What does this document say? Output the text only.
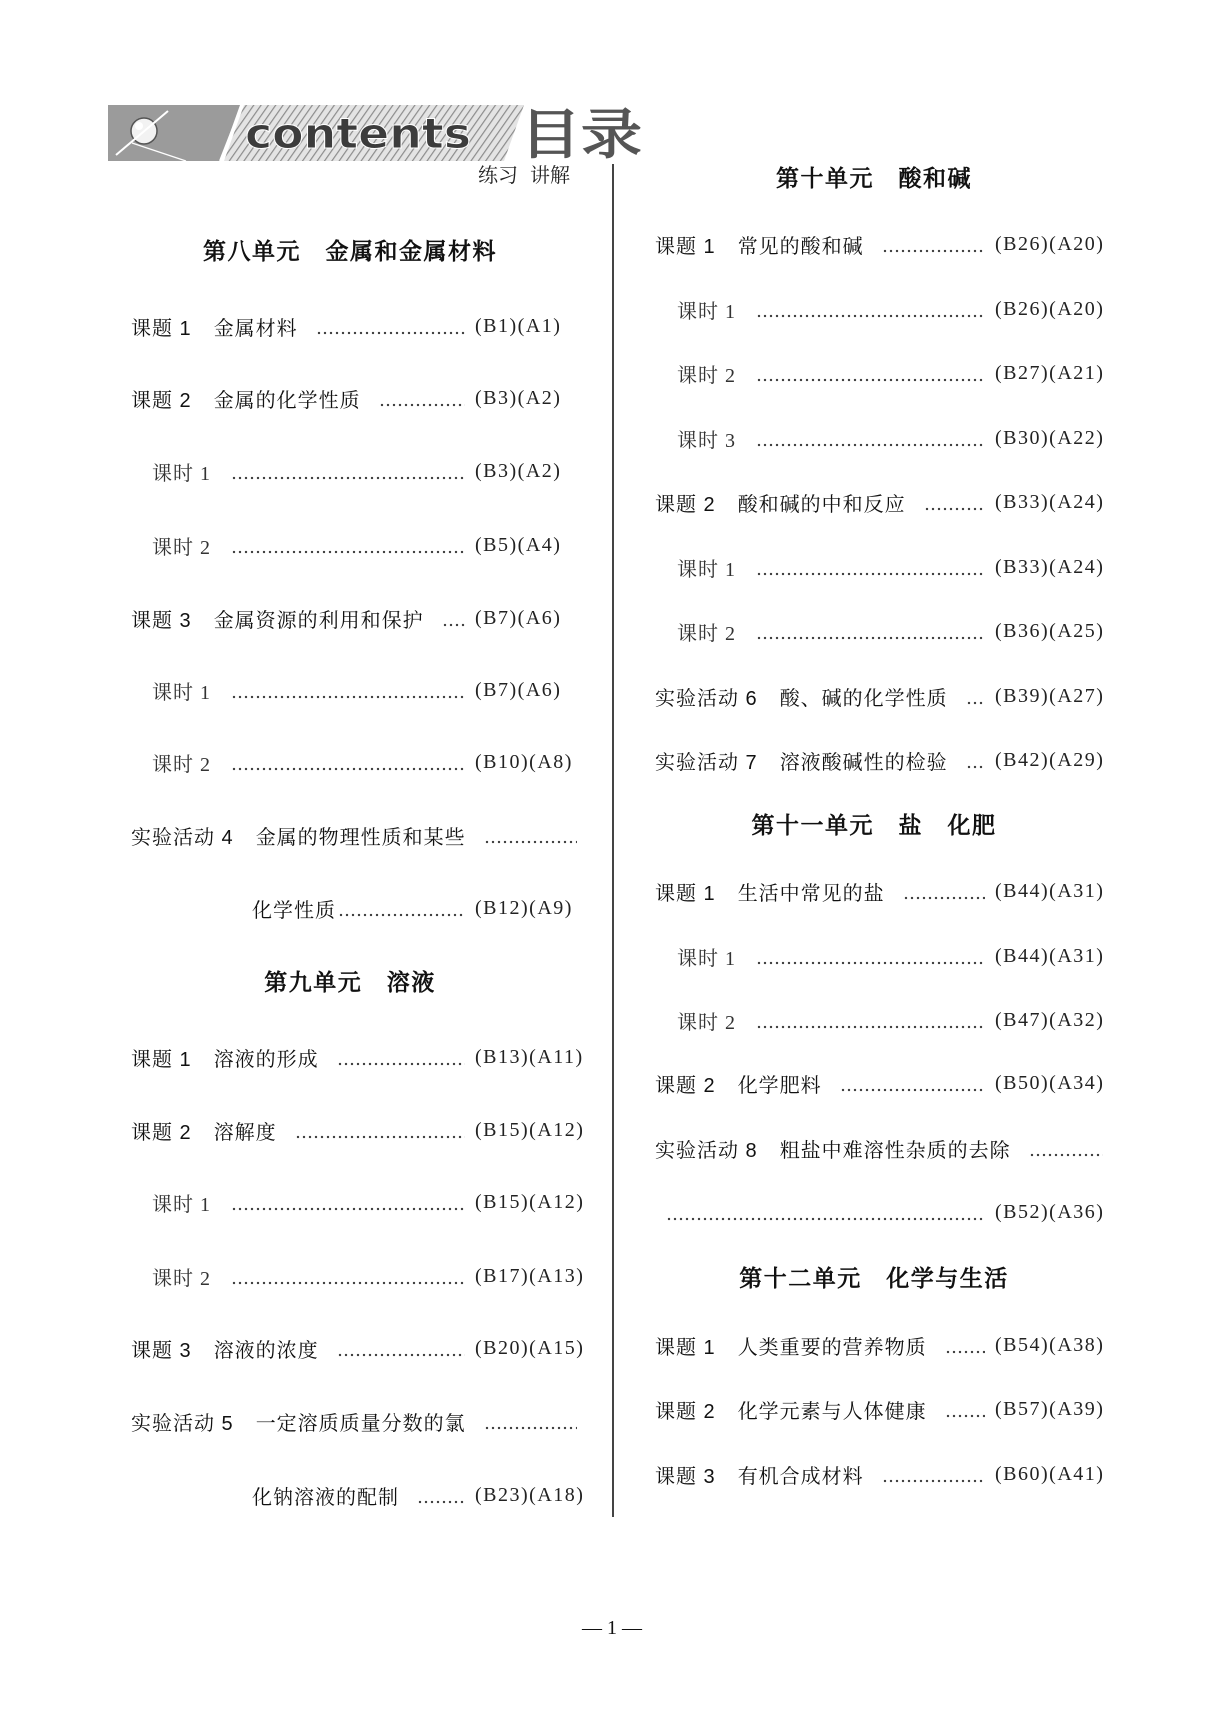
contents 目录
练习 讲解
第八单元　金属和金属材料
课题 1 金属材料	(B1)(A1)
课题 2 金属的化学性质	(B3)(A2)
课时 1	(B3)(A2)
课时 2	(B5)(A4)
课题 3 金属资源的利用和保护	(B7)(A6)
课时 1	(B7)(A6)
课时 2	(B10)(A8)
实验活动 4 金属的物理性质和某些
化学性质	(B12)(A9)
第九单元　溶液
课题 1 溶液的形成	(B13)(A11)
课题 2 溶解度	(B15)(A12)
课时 1	(B15)(A12)
课时 2	(B17)(A13)
课题 3 溶液的浓度	(B20)(A15)
实验活动 5 一定溶质质量分数的氯
化钠溶液的配制	(B23)(A18)
第十单元　酸和碱
课题 1 常见的酸和碱	(B26)(A20)
课时 1	(B26)(A20)
课时 2	(B27)(A21)
课时 3	(B30)(A22)
课题 2 酸和碱的中和反应	(B33)(A24)
课时 1	(B33)(A24)
课时 2	(B36)(A25)
实验活动 6 酸、碱的化学性质 (B39)(A27)
实验活动 7 溶液酸碱性的检验 (B42)(A29)
第十一单元　盐　化肥
课题 1 生活中常见的盐	(B44)(A31)
课时 1	(B44)(A31)
课时 2	(B47)(A32)
课题 2 化学肥料	(B50)(A34)
实验活动 8 粗盐中难溶性杂质的去除
(B52)(A36)
第十二单元　化学与生活
课题 1 人类重要的营养物质	(B54)(A38)
课题 2 化学元素与人体健康	(B57)(A39)
课题 3 有机合成材料	(B60)(A41)
— 1 —
